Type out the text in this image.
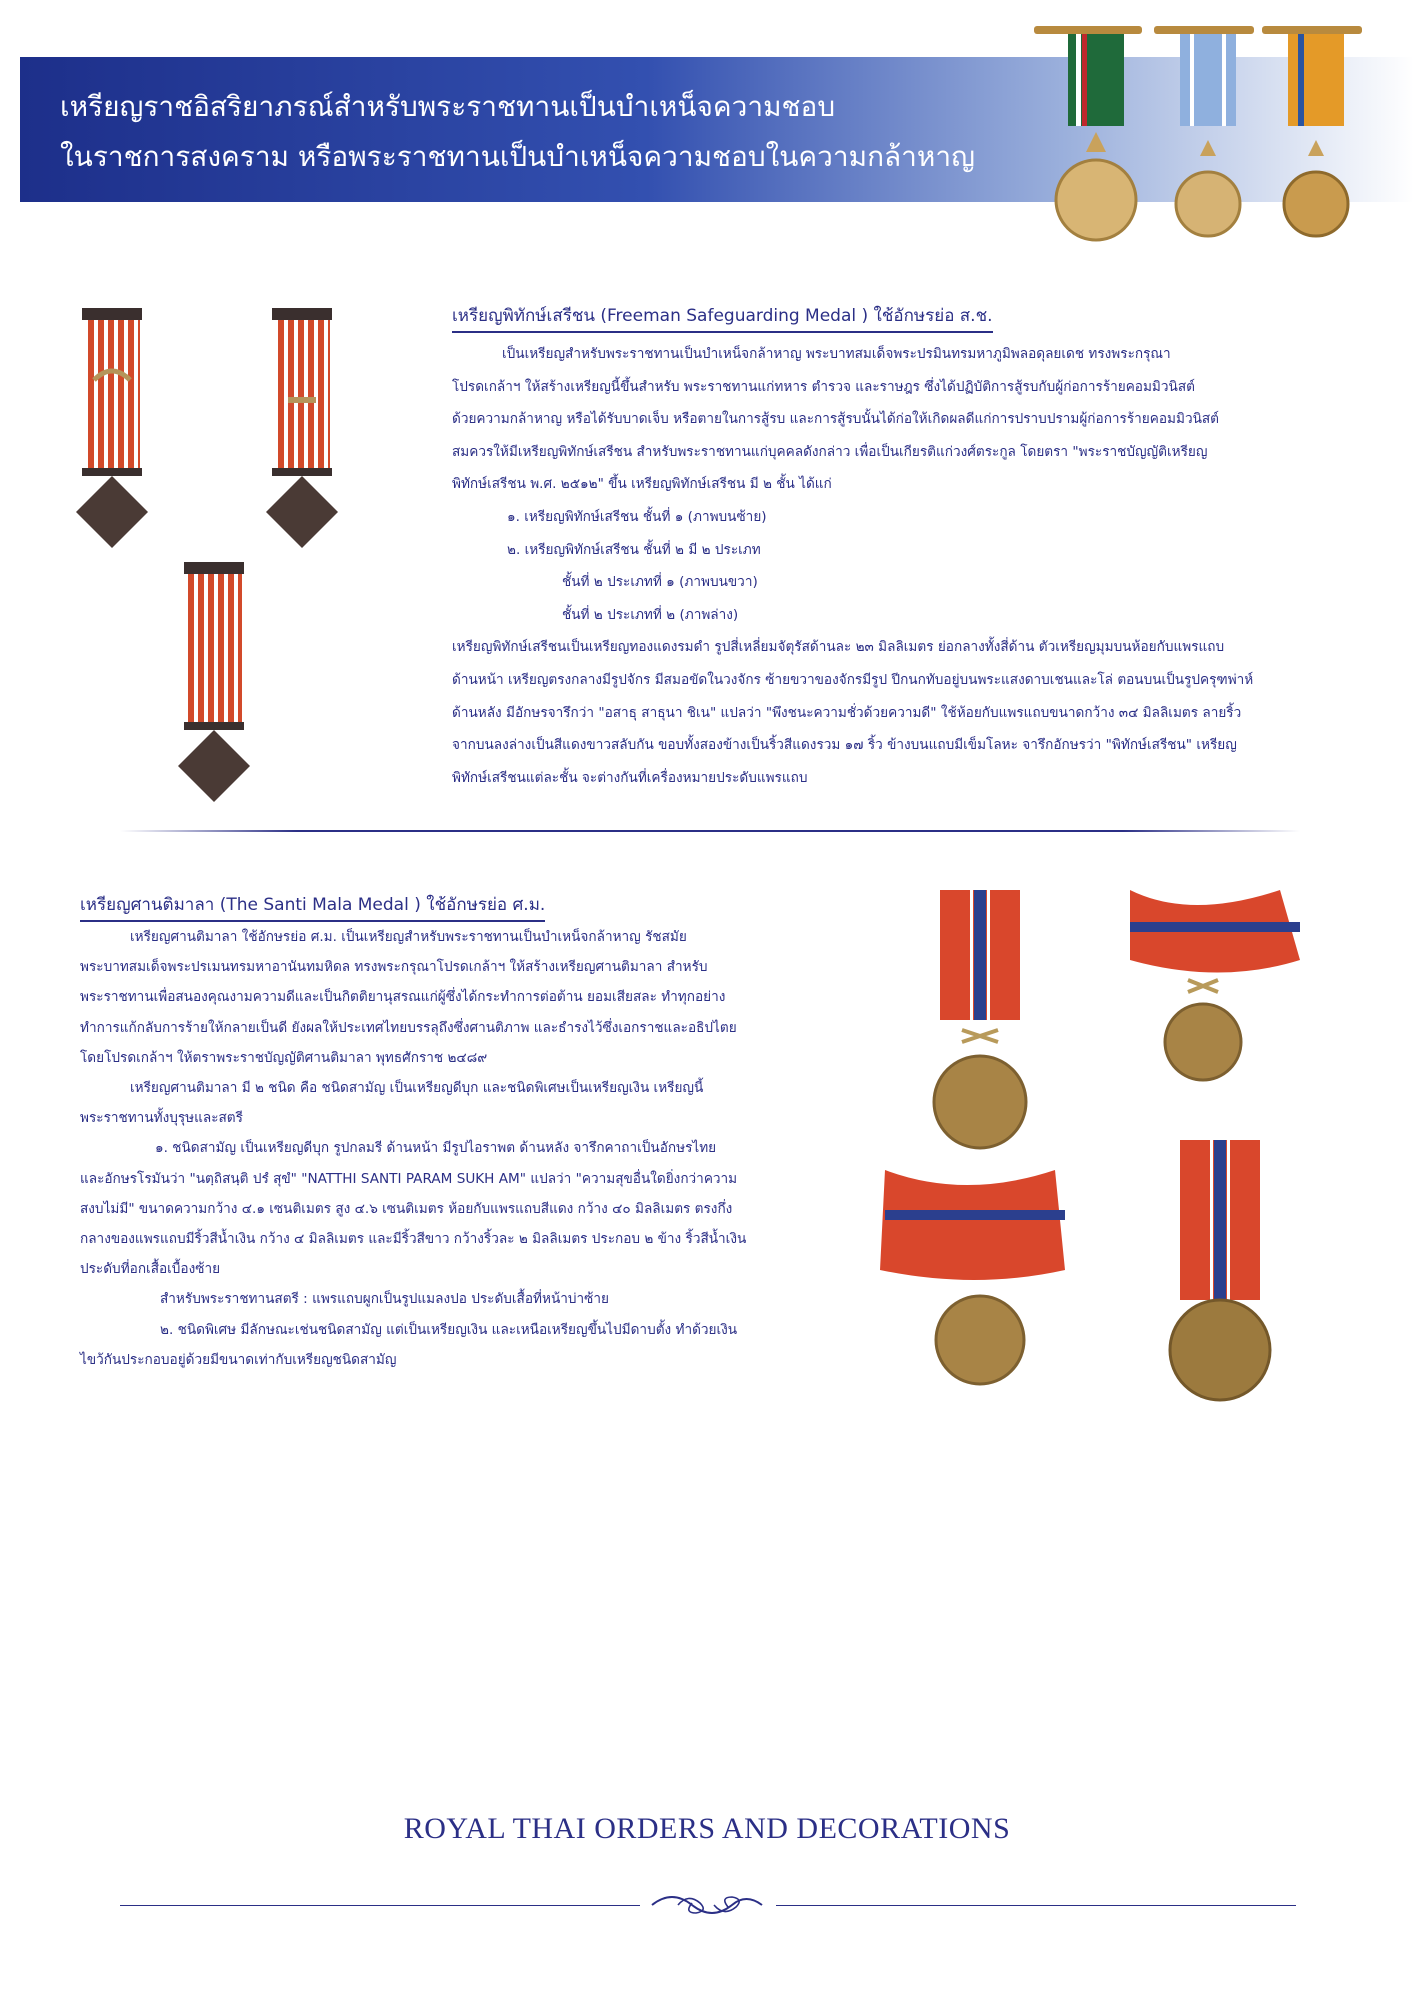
เหรียญราชอิสริยาภรณ์สำหรับพระราชทานเป็นบำเหน็จความชอบ
ในราชการสงคราม หรือพระราชทานเป็นบำเหน็จความชอบในความกล้าหาญ
เหรียญพิทักษ์เสรีชน (Freeman Safeguarding Medal ) ใช้อักษรย่อ ส.ช.

เป็นเหรียญสำหรับพระราชทานเป็นบำเหน็จกล้าหาญ พระบาทสมเด็จพระปรมินทรมหาภูมิพลอดุลยเดช ทรงพระกรุณา

โปรดเกล้าฯ ให้สร้างเหรียญนี้ขึ้นสำหรับ พระราชทานแก่ทหาร ตำรวจ และราษฎร ซึ่งได้ปฏิบัติการสู้รบกับผู้ก่อการร้ายคอมมิวนิสต์

ด้วยความกล้าหาญ หรือได้รับบาดเจ็บ หรือตายในการสู้รบ และการสู้รบนั้นได้ก่อให้เกิดผลดีแก่การปราบปรามผู้ก่อการร้ายคอมมิวนิสต์

สมควรให้มีเหรียญพิทักษ์เสรีชน สำหรับพระราชทานแก่บุคคลดังกล่าว เพื่อเป็นเกียรติแก่วงศ์ตระกูล โดยตรา "พระราชบัญญัติเหรียญ

พิทักษ์เสรีชน พ.ศ. ๒๕๑๒" ขึ้น เหรียญพิทักษ์เสรีชน มี ๒ ชั้น ได้แก่

๑. เหรียญพิทักษ์เสรีชน ชั้นที่ ๑ (ภาพบนซ้าย)

๒. เหรียญพิทักษ์เสรีชน ชั้นที่ ๒ มี ๒ ประเภท

ชั้นที่ ๒ ประเภทที่ ๑ (ภาพบนขวา)

ชั้นที่ ๒ ประเภทที่ ๒ (ภาพล่าง)

เหรียญพิทักษ์เสรีชนเป็นเหรียญทองแดงรมดำ รูปสี่เหลี่ยมจัตุรัสด้านละ ๒๓ มิลลิเมตร ย่อกลางทั้งสี่ด้าน ตัวเหรียญมุมบนห้อยกับแพรแถบ

ด้านหน้า เหรียญตรงกลางมีรูปจักร มีสมอขัดในวงจักร ซ้ายขวาของจักรมีรูป ปีกนกทับอยู่บนพระแสงดาบเชนและโล่ ตอนบนเป็นรูปครุฑพ่าห์

ด้านหลัง มีอักษรจารึกว่า "อสาธุ สาธุนา ชิเน" แปลว่า "พึงชนะความชั่วด้วยความดี" ใช้ห้อยกับแพรแถบขนาดกว้าง ๓๔ มิลลิเมตร ลายริ้ว

จากบนลงล่างเป็นสีแดงขาวสลับกัน ขอบทั้งสองข้างเป็นริ้วสีแดงรวม ๑๗ ริ้ว ข้างบนแถบมีเข็มโลหะ จารึกอักษรว่า "พิทักษ์เสรีชน" เหรียญ

พิทักษ์เสรีชนแต่ละชั้น จะต่างกันที่เครื่องหมายประดับแพรแถบ

เหรียญศานติมาลา (The Santi Mala Medal ) ใช้อักษรย่อ ศ.ม.

เหรียญศานติมาลา ใช้อักษรย่อ ศ.ม. เป็นเหรียญสำหรับพระราชทานเป็นบำเหน็จกล้าหาญ รัชสมัย

พระบาทสมเด็จพระปรเมนทรมหาอานันทมหิดล ทรงพระกรุณาโปรดเกล้าฯ ให้สร้างเหรียญศานติมาลา สำหรับ

พระราชทานเพื่อสนองคุณงามความดีและเป็นกิตติยานุสรณแก่ผู้ซึ่งได้กระทำการต่อต้าน ยอมเสียสละ ทำทุกอย่าง

ทำการแก้กลับการร้ายให้กลายเป็นดี ยังผลให้ประเทศไทยบรรลุถึงซึ่งศานติภาพ และธำรงไว้ซึ่งเอกราชและอธิปไตย

โดยโปรดเกล้าฯ ให้ตราพระราชบัญญัติศานติมาลา พุทธศักราช ๒๔๘๙

เหรียญศานติมาลา มี ๒ ชนิด คือ ชนิดสามัญ เป็นเหรียญดีบุก และชนิดพิเศษเป็นเหรียญเงิน เหรียญนี้

พระราชทานทั้งบุรุษและสตรี

๑. ชนิดสามัญ เป็นเหรียญดีบุก รูปกลมรี ด้านหน้า มีรูปไอราพต ด้านหลัง จารึกคาถาเป็นอักษรไทย

และอักษรโรมันว่า "นตฺถิสนฺติ ปรํ สุขํ" "NATTHI SANTI PARAM SUKH AM" แปลว่า "ความสุขอื่นใดยิ่งกว่าความ

สงบไม่มี" ขนาดความกว้าง ๔.๑ เซนติเมตร สูง ๔.๖ เซนติเมตร ห้อยกับแพรแถบสีแดง กว้าง ๔๐ มิลลิเมตร ตรงกึ่ง

กลางของแพรแถบมีริ้วสีน้ำเงิน กว้าง ๔ มิลลิเมตร และมีริ้วสีขาว กว้างริ้วละ ๒ มิลลิเมตร ประกอบ ๒ ข้าง ริ้วสีน้ำเงิน

ประดับที่อกเสื้อเบื้องซ้าย

สำหรับพระราชทานสตรี : แพรแถบผูกเป็นรูปแมลงปอ ประดับเสื้อที่หน้าบ่าซ้าย

๒. ชนิดพิเศษ มีลักษณะเช่นชนิดสามัญ แต่เป็นเหรียญเงิน และเหนือเหรียญขึ้นไปมีดาบตั้ง ทำด้วยเงิน

ไขว้กันประกอบอยู่ด้วยมีขนาดเท่ากับเหรียญชนิดสามัญ

ROYAL THAI ORDERS AND DECORATIONS
